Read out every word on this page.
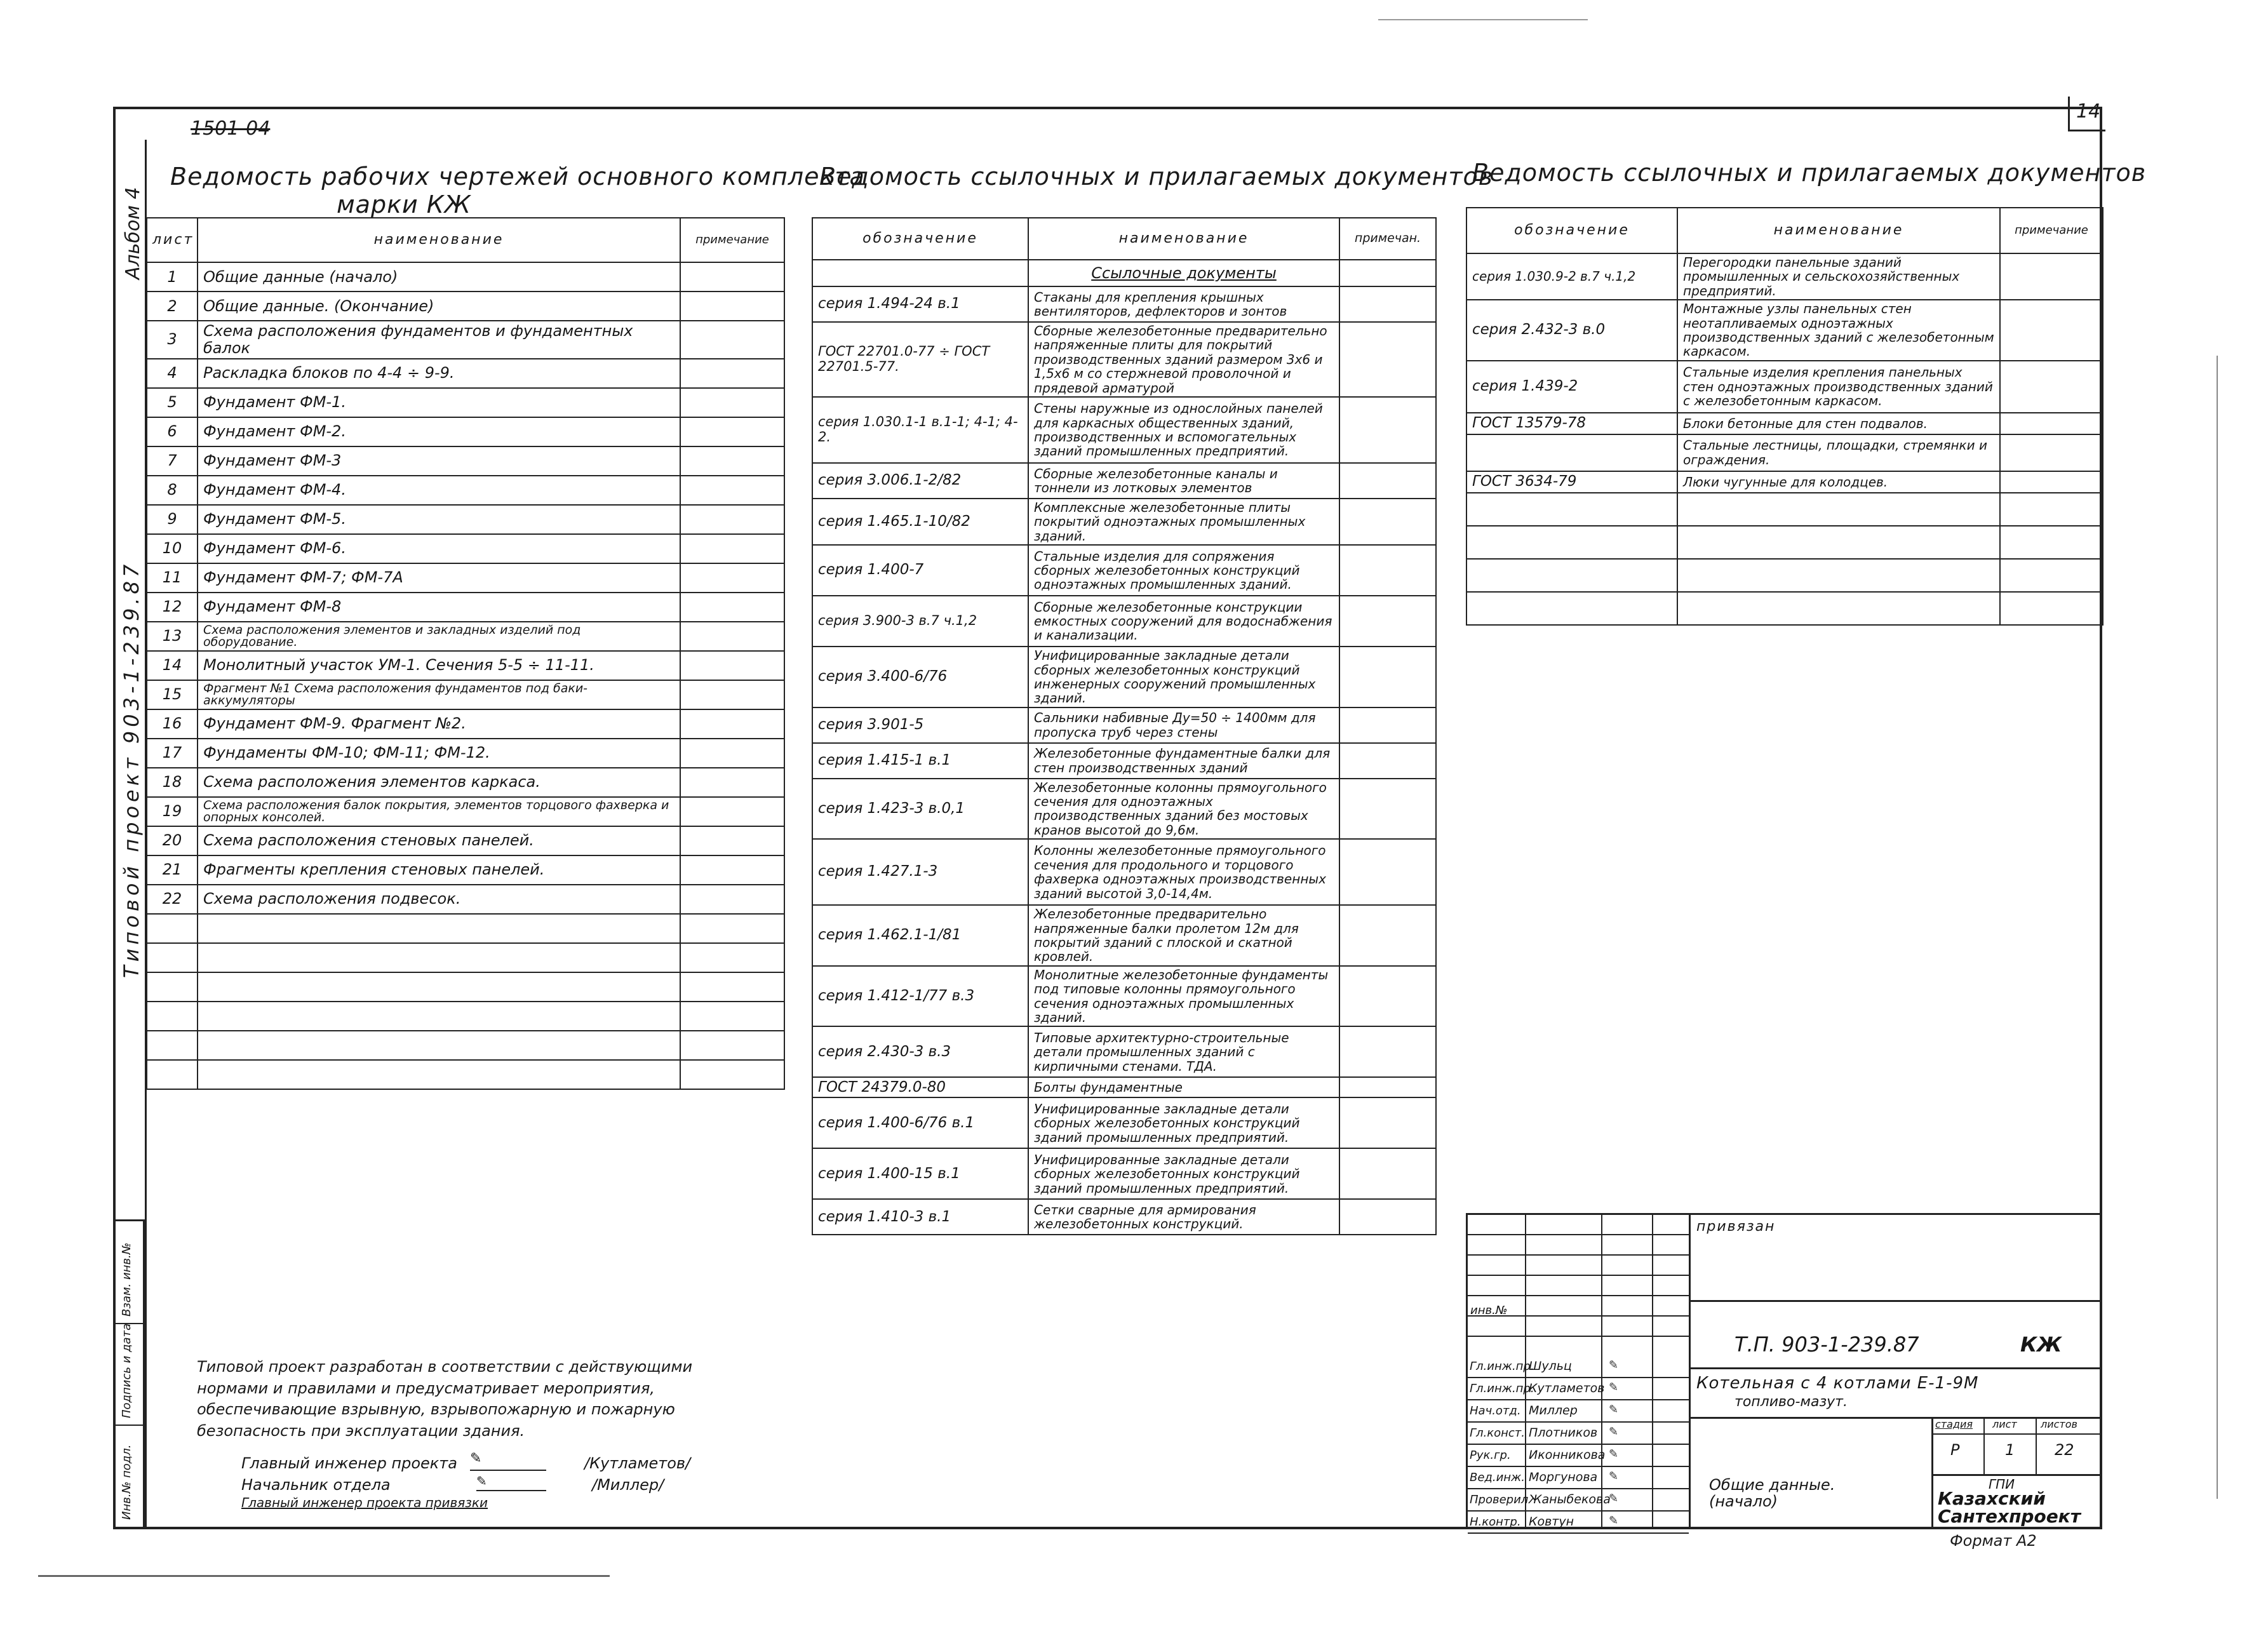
1501-04
14
Альбом 4
Типовой проект 903-1-239.87
Инв.№ подл.
Подпись и дата
Взам. инв.№
Ведомость рабочих чертежей основного комплекта
марки КЖ
лист	наименование	примечание
1	Общие данные (начало)	
2	Общие данные. (Окончание)	
3	Схема расположения фундаментов и фундаментных балок	
4	Раскладка блоков по 4-4 ÷ 9-9.	
5	Фундамент ФМ-1.	
6	Фундамент ФМ-2.	
7	Фундамент ФМ-3	
8	Фундамент ФМ-4.	
9	Фундамент ФМ-5.	
10	Фундамент ФМ-6.	
11	Фундамент ФМ-7; ФМ-7А	
12	Фундамент ФМ-8	
13	Схема расположения элементов и закладных изделий под оборудование.	
14	Монолитный участок УМ-1. Сечения 5-5 ÷ 11-11.	
15	Фрагмент №1 Схема расположения фундаментов под баки-аккумуляторы	
16	Фундамент ФМ-9. Фрагмент №2.	
17	Фундаменты ФМ-10; ФМ-11; ФМ-12.	
18	Схема расположения элементов каркаса.	
19	Схема расположения балок покрытия, элементов торцового фахверка и опорных консолей.	
20	Схема расположения стеновых панелей.	
21	Фрагменты крепления стеновых панелей.	
22	Схема расположения подвесок.	

Ведомость ссылочных и прилагаемых документов
обозначение	наименование	примечан.
	Ссылочные документы	
серия 1.494-24 в.1	Стаканы для крепления крышных вентиляторов, дефлекторов и зонтов	
ГОСТ 22701.0-77 ÷ ГОСТ 22701.5-77.	Сборные железобетонные предварительно напряженные плиты для покрытий производственных зданий размером 3х6 и 1,5х6 м со стержневой проволочной и прядевой арматурой	
серия 1.030.1-1 в.1-1; 4-1; 4-2.	Стены наружные из однослойных панелей для каркасных общественных зданий, производственных и вспомогательных зданий промышленных предприятий.	
серия 3.006.1-2/82	Сборные железобетонные каналы и тоннели из лотковых элементов	
серия 1.465.1-10/82	Комплексные железобетонные плиты покрытий одноэтажных промышленных зданий.	
серия 1.400-7	Стальные изделия для сопряжения сборных железобетонных конструкций одноэтажных промышленных зданий.	
серия 3.900-3 в.7 ч.1,2	Сборные железобетонные конструкции емкостных сооружений для водоснабжения и канализации.	
серия 3.400-6/76	Унифицированные закладные детали сборных железобетонных конструкций инженерных сооружений промышленных зданий.	
серия 3.901-5	Сальники набивные Ду=50 ÷ 1400мм для пропуска труб через стены	
серия 1.415-1 в.1	Железобетонные фундаментные балки для стен производственных зданий	
серия 1.423-3 в.0,1	Железобетонные колонны прямоугольного сечения для одноэтажных производственных зданий без мостовых кранов высотой до 9,6м.	
серия 1.427.1-3	Колонны железобетонные прямоугольного сечения для продольного и торцового фахверка одноэтажных производственных зданий высотой 3,0-14,4м.	
серия 1.462.1-1/81	Железобетонные предварительно напряженные балки пролетом 12м для покрытий зданий с плоской и скатной кровлей.	
серия 1.412-1/77 в.3	Монолитные железобетонные фундаменты под типовые колонны прямоугольного сечения одноэтажных промышленных зданий.	
серия 2.430-3 в.3	Типовые архитектурно-строительные детали промышленных зданий с кирпичными стенами. ТДА.	
ГОСТ 24379.0-80	Болты фундаментные	
серия 1.400-6/76 в.1	Унифицированные закладные детали сборных железобетонных конструкций зданий промышленных предприятий.	
серия 1.400-15 в.1	Унифицированные закладные детали сборных железобетонных конструкций зданий промышленных предприятий.	
серия 1.410-3 в.1	Сетки сварные для армирования железобетонных конструкций.	
Ведомость ссылочных и прилагаемых документов
обозначение	наименование	примечание
серия 1.030.9-2 в.7 ч.1,2	Перегородки панельные зданий промышленных и сельскохозяйственных предприятий.	
серия 2.432-3 в.0	Монтажные узлы панельных стен неотапливаемых одноэтажных производственных зданий с железобетонным каркасом.	
серия 1.439-2	Стальные изделия крепления панельных стен одноэтажных производственных зданий с железобетонным каркасом.	
ГОСТ 13579-78	Блоки бетонные для стен подвалов.	
	Стальные лестницы, площадки, стремянки и ограждения.	
ГОСТ 3634-79	Люки чугунные для колодцев.	

Типовой проект разработан в соответствии с действующими нормами и правилами и предусматривает мероприятия, обеспечивающие взрывную, взрывопожарную и пожарную безопасность при эксплуатации здания.
Главный инженер проекта ✎	/Кутламетов/
Начальник отдела	✎	/Миллер/
Главный инженер проекта привязки
инв.№
Гл.инж.пр.
Шульц	✎
Гл.инж.пр.
Кутламетов ✎
Нач.отд. Миллер	✎
Гл.конст. Плотников ✎
Рук.гр. Иконникова ✎
Вед.инж. Моргунова ✎
Проверил Жаныбекова
✎
Н.контр. Ковтун	✎
привязан
Т.П. 903-1-239.87	КЖ
Котельная с 4 котлами Е-1-9М
топливо-мазут.
стадия лист листов
Р	1	22
Общие данные. (начало)
ГПИ
Казахский
Сантехпроект
Формат А2
